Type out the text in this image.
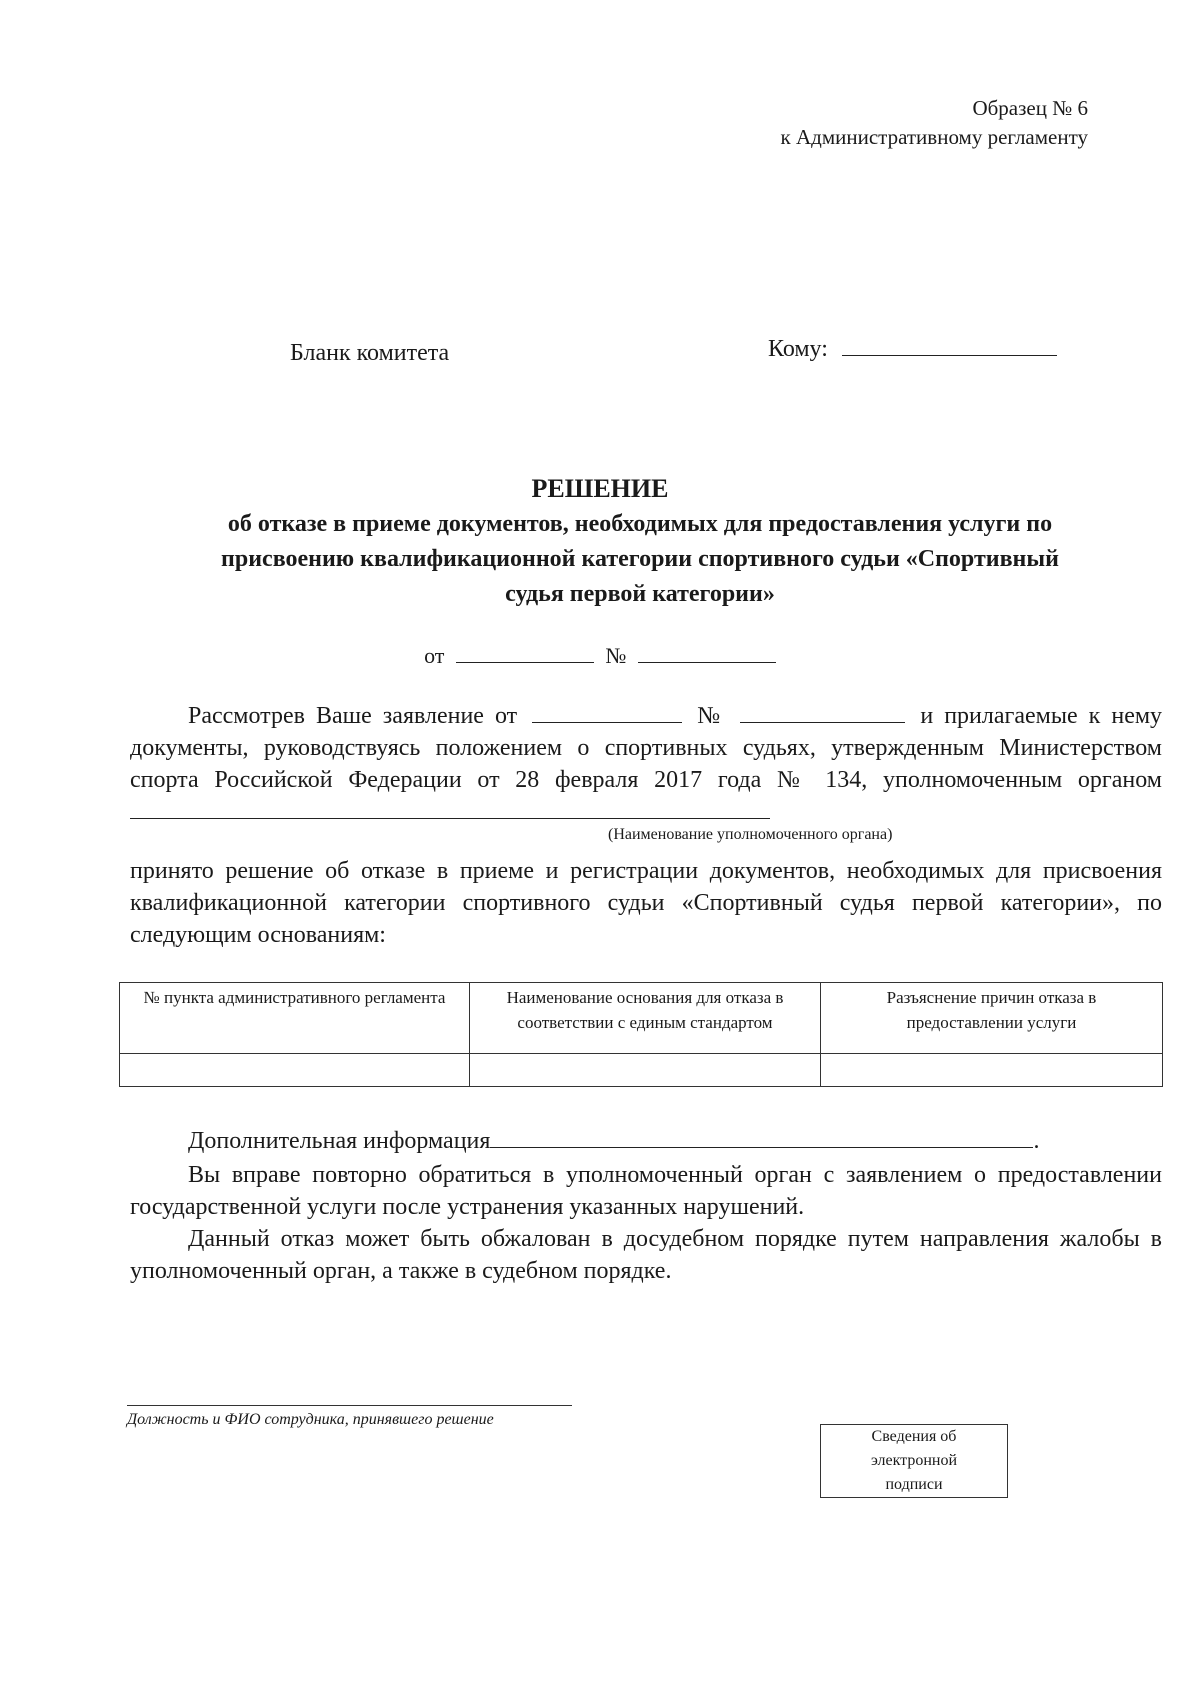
Образец № 6
к Административному регламенту
Бланк комитета	Кому:
РЕШЕНИЕ
об отказе в приеме документов, необходимых для предоставления услуги по
присвоению квалификационной категории спортивного судьи «Спортивный
судья первой категории»
от	№
Рассмотрев Ваше заявление от	№	и прилагаемые к нему документы, руководствуясь положением о спортивных судьях, утвержденным Министерством спорта Российской Федерации от 28 февраля 2017 года № 134, уполномоченным органом
(Наименование уполномоченного органа)
принято решение об отказе в приеме и регистрации документов, необходимых для присвоения квалификационной категории спортивного судьи «Спортивный судья первой категории», по следующим основаниям:
№ пункта административного регламента	Наименование основания для отказа в соответствии с единым стандартом	Разъяснение причин отказа в предоставлении услуги

Дополнительная информация	.
Вы вправе повторно обратиться в уполномоченный орган с заявлением о предоставлении государственной услуги после устранения указанных нарушений.
Данный отказ может быть обжалован в досудебном порядке путем направления жалобы в уполномоченный орган, а также в судебном порядке.
Должность и ФИО сотрудника, принявшего решение
Сведения об
электронной
подписи
